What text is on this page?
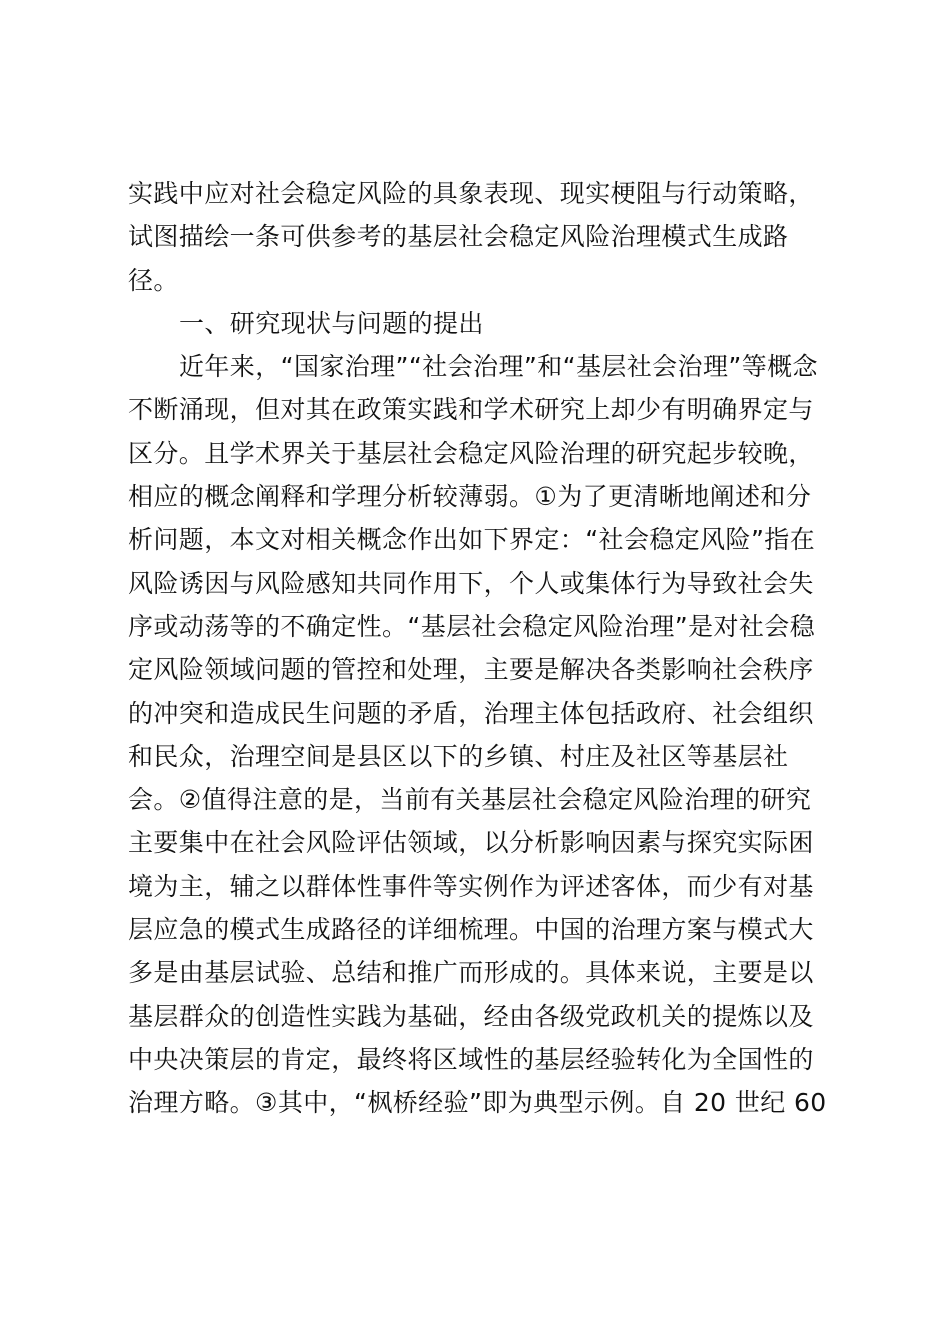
实践中应对社会稳定风险的具象表现、现实梗阻与行动策略，
试图描绘一条可供参考的基层社会稳定风险治理模式生成路
径。
一、研究现状与问题的提出
近年来，“国家治理”“社会治理”和“基层社会治理”等概念
不断涌现，但对其在政策实践和学术研究上却少有明确界定与
区分。且学术界关于基层社会稳定风险治理的研究起步较晚，
相应的概念阐释和学理分析较薄弱。①为了更清晰地阐述和分
析问题，本文对相关概念作出如下界定：“社会稳定风险”指在
风险诱因与风险感知共同作用下，个人或集体行为导致社会失
序或动荡等的不确定性。“基层社会稳定风险治理”是对社会稳
定风险领域问题的管控和处理，主要是解决各类影响社会秩序
的冲突和造成民生问题的矛盾，治理主体包括政府、社会组织
和民众，治理空间是县区以下的乡镇、村庄及社区等基层社
会。②值得注意的是，当前有关基层社会稳定风险治理的研究
主要集中在社会风险评估领域，以分析影响因素与探究实际困
境为主，辅之以群体性事件等实例作为评述客体，而少有对基
层应急的模式生成路径的详细梳理。中国的治理方案与模式大
多是由基层试验、总结和推广而形成的。具体来说，主要是以
基层群众的创造性实践为基础，经由各级党政机关的提炼以及
中央决策层的肯定，最终将区域性的基层经验转化为全国性的
治理方略。③其中，“枫桥经验”即为典型示例。自 20 世纪 60
